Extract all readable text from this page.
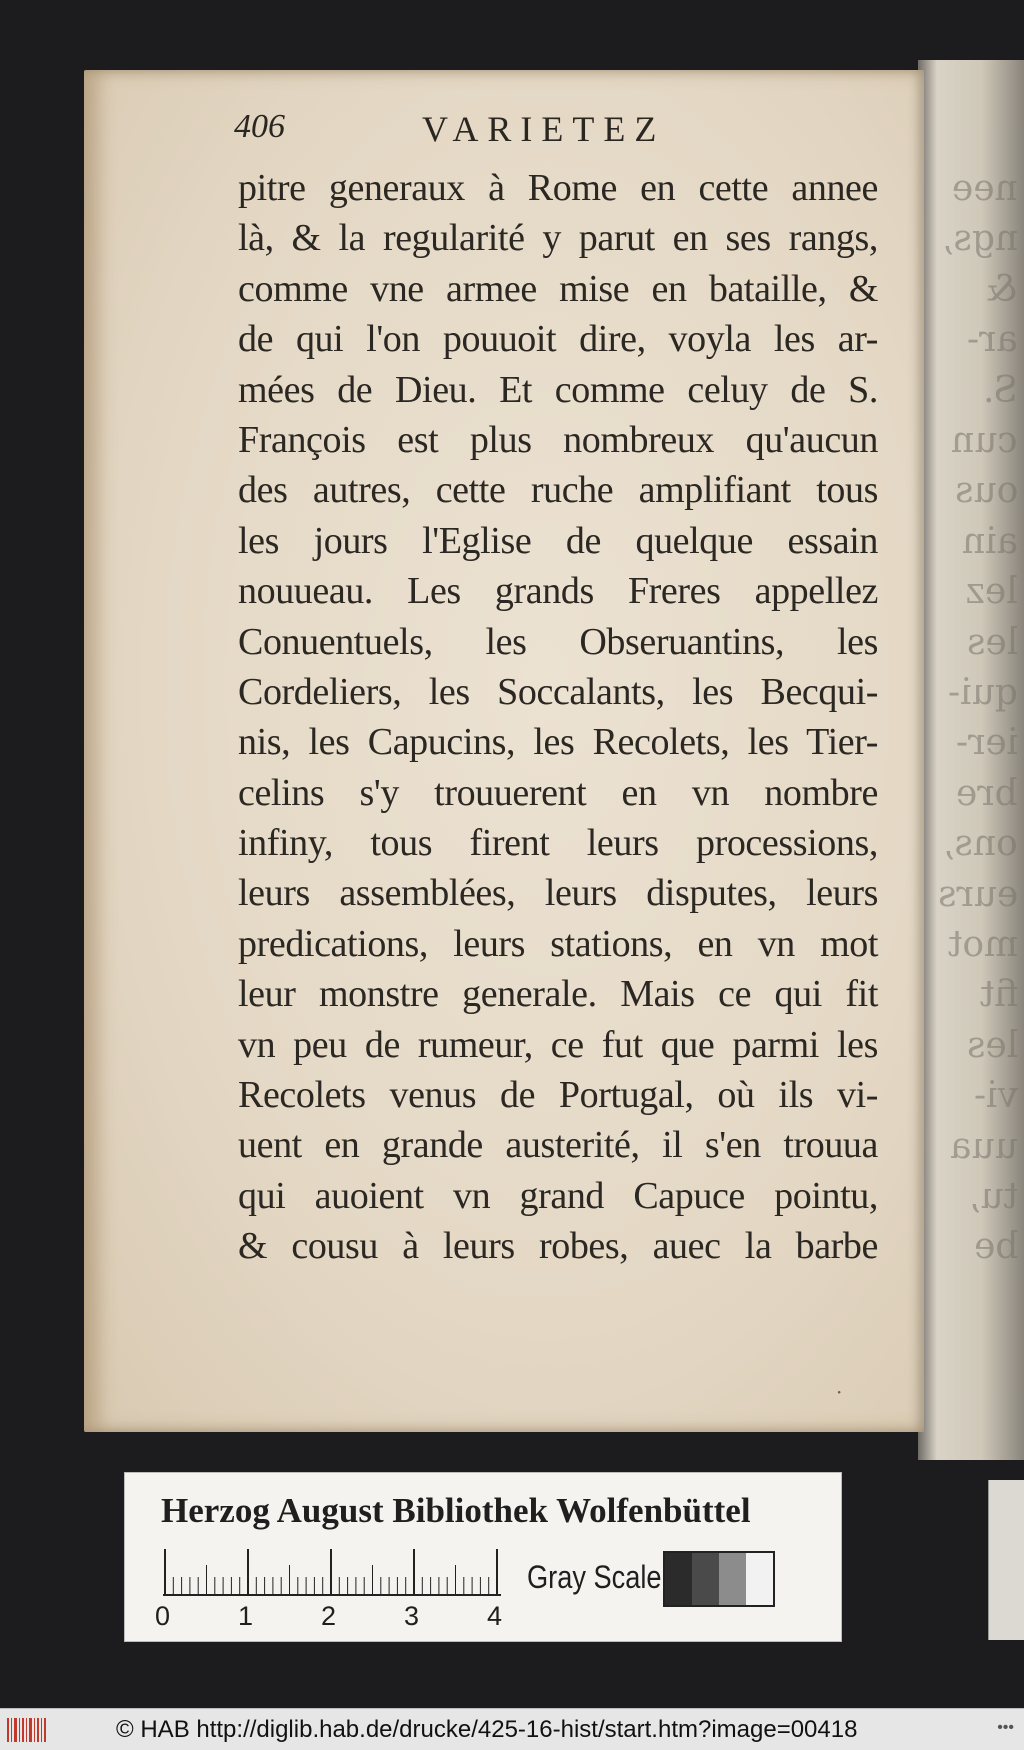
nee
ngs,
&
ar-
S.
cun
ous
ain
lez
les
qui-
ier-
bre
ons,
eurs
mot
fit
les
vi-
uua
tu,
be
406	VARIETEZ
pitre generaux à Rome en cette annee
là, & la regularité y parut en ses rangs,
comme vne armee mise en bataille, &
de qui l'on pouuoit dire, voyla les ar-
mées de Dieu. Et comme celuy de S.
François est plus nombreux qu'aucun
des autres, cette ruche amplifiant tous
les jours l'Eglise de quelque essain
nouueau. Les grands Freres appellez
Conuentuels, les Obseruantins, les
Cordeliers, les Soccalants, les Becqui-
nis, les Capucins, les Recolets, les Tier-
celins s'y trouuerent en vn nombre
infiny, tous firent leurs processions,
leurs assemblées, leurs disputes, leurs
predications, leurs stations, en vn mot
leur monstre generale. Mais ce qui fit
vn peu de rumeur, ce fut que parmi les
Recolets venus de Portugal, où ils vi-
uent en grande austerité, il s'en trouua
qui auoient vn grand Capuce pointu,
& cousu à leurs robes, auec la barbe
·
Herzog August Bibliothek Wolfenbüttel
0	1	2	3	4
Gray Scale
© HAB http://diglib.hab.de/drucke/425-16-hist/start.htm?image=00418	•••
